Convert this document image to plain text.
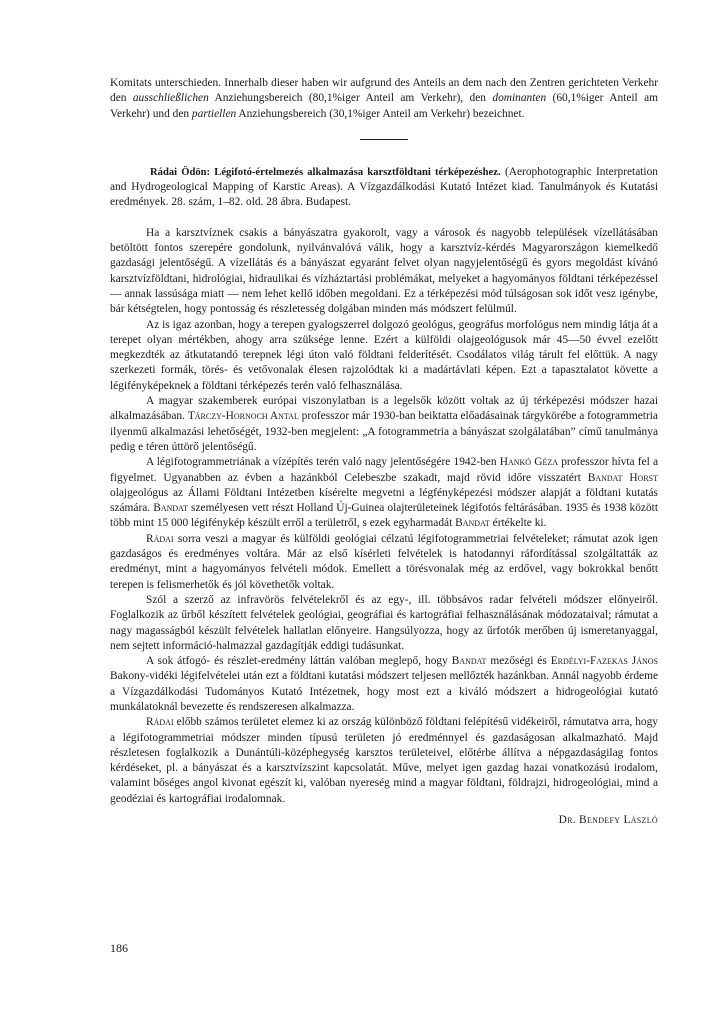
Komitats unterschieden. Innerhalb dieser haben wir aufgrund des Anteils an dem nach den Zentren gerichteten Verkehr den ausschließlichen Anziehungsbereich (80,1%iger Anteil am Verkehr), den dominanten (60,1%iger Anteil am Verkehr) und den partiellen Anziehungsbereich (30,1%iger Anteil am Verkehr) bezeichnet.

Rádai Ödön: Légifotó-értelmezés alkalmazása karsztföldtani térképezéshez. (Aerophotographic Interpretation and Hydrogeological Mapping of Karstic Areas). A Vízgazdálkodási Kutató Intézet kiad. Tanulmányok és Kutatási eredmények. 28. szám, 1–82. old. 28 ábra. Budapest.

Ha a karsztvíznek csakis a bányászatra gyakorolt, vagy a városok és nagyobb települések vízellátásában betöltött fontos szerepére gondolunk, nyilvánvalóvá válik, hogy a karsztvíz-kérdés Magyarországon kiemelkedő gazdasági jelentőségű. A vízellátás és a bányászat egyaránt felvet olyan nagyjelentőségű és gyors megoldást kívánó karsztvízföldtani, hidrológiai, hidraulikai és vízháztartási problémákat, melyeket a hagyományos földtani térképezéssel — annak lassúsága miatt — nem lehet kellő időben megoldani. Ez a térképezési mód túlságosan sok időt vesz igénybe, bár kétségtelen, hogy pontosság és részletesség dolgában minden más módszert felülmúl.

Az is igaz azonban, hogy a terepen gyalogszerrel dolgozó geológus, geográfus morfológus nem mindig látja át a terepet olyan mértékben, ahogy arra szüksége lenne. Ezért a külföldi olajgeológusok már 45—50 évvel ezelőtt megkezdték az átkutatandó terepnek légi úton való földtani felderítését. Csodálatos világ tárult fel előttük. A nagy szerkezeti formák, törés- és vetővonalak élesen rajzolódtak ki a madártávlati képen. Ezt a tapasztalatot követte a légifényképeknek a földtani térképezés terén való felhasználása.

A magyar szakemberek európai viszonylatban is a legelsők között voltak az új térképezési módszer hazai alkalmazásában. Tárczy-Hornoch Antal professzor már 1930-ban beiktatta előadásainak tárgykörébe a fotogrammetria ilyenmű alkalmazási lehetőségét, 1932-ben megjelent: „A fotogrammetria a bányászat szolgálatában” című tanulmánya pedig e téren úttörő jelentőségű.

A légifotogrammetriának a vízépítés terén való nagy jelentőségére 1942-ben Hankó Géza professzor hívta fel a figyelmet. Ugyanabben az évben a hazánkból Celebeszbe szakadt, majd rövid időre visszatért Bandat Horst olajgeológus az Állami Földtani Intézetben kísérelte megvetni a légfényképezési módszer alapját a földtani kutatás számára. Bandat személyesen vett részt Holland Új-Guinea olajterületeinek légifotós feltárásában. 1935 és 1938 között több mint 15 000 légifénykép készült erről a területről, s ezek egyharmadát Bandat értékelte ki.

Rádai sorra veszi a magyar és külföldi geológiai célzatú légifotogrammetriai felvételeket; rámutat azok igen gazdaságos és eredményes voltára. Már az első kísérleti felvételek is hatodannyi ráfordítással szolgáltatták az eredményt, mint a hagyományos felvételi módok. Emellett a törésvonalak még az erdővel, vagy bokrokkal benőtt terepen is felismerhetők és jól követhetők voltak.

Szól a szerző az infravörös felvételekről és az egy-, ill. többsávos radar felvételi módszer előnyeiről. Foglalkozik az űrből készített felvételek geológiai, geográfiai és kartográfiai felhasználásának módozataival; rámutat a nagy magasságból készült felvételek hallatlan előnyeire. Hangsúlyozza, hogy az űrfotók merőben új ismeretanyaggal, nem sejtett információ-halmazzal gazdagítják eddigi tudásunkat.

A sok átfogó- és részlet-eredmény láttán valóban meglepő, hogy Bandat mezőségi és Erdélyi-Fazekas János Bakony-vidéki légifelvételei után ezt a földtani kutatási módszert teljesen mellőzték hazánkban. Annál nagyobb érdeme a Vízgazdálkodási Tudományos Kutató Intézetnek, hogy most ezt a kiváló módszert a hidrogeológiai kutató munkálatoknál bevezette és rendszeresen alkalmazza.

Rádai előbb számos területet elemez ki az ország különböző földtani felépítésű vidékeiről, rámutatva arra, hogy a légifotogrammetriai módszer minden típusú területen jó eredménnyel és gazdaságosan alkalmazható. Majd részletesen foglalkozik a Dunántúli-középhegység karsztos területeivel, előtérbe állítva a népgazdaságilag fontos kérdéseket, pl. a bányászat és a karsztvízszint kapcsolatát. Műve, melyet igen gazdag hazai vonatkozású irodalom, valamint bőséges angol kivonat egészít ki, valóban nyereség mind a magyar földtani, földrajzi, hidrogeológiai, mind a geodéziai és kartográfiai irodalomnak.

Dr. Bendefy László

186
